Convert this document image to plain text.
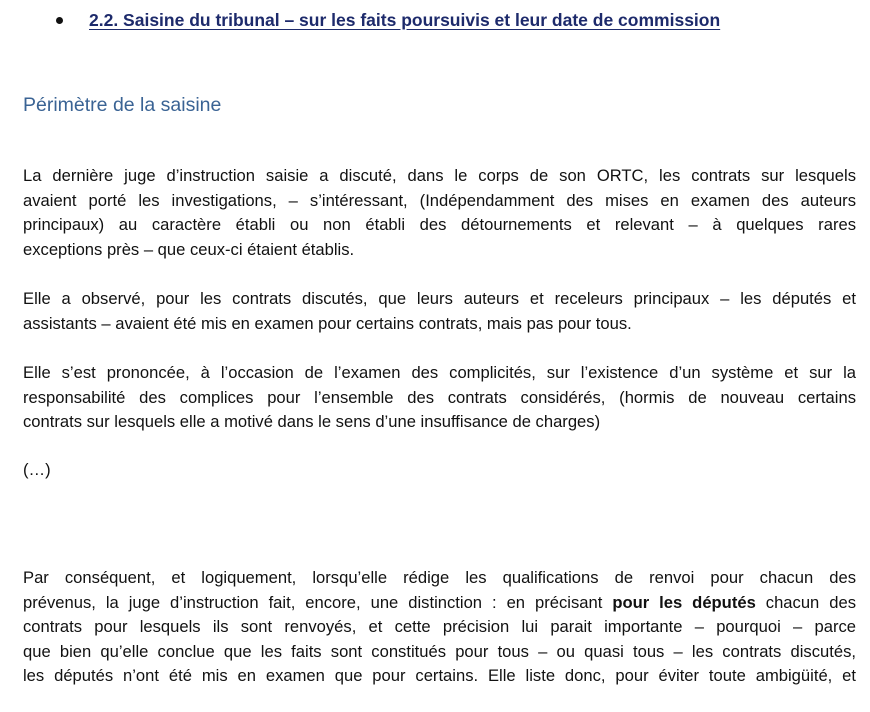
2.2. Saisine du tribunal – sur les faits poursuivis et leur date de commission
Périmètre de la saisine
La dernière juge d’instruction saisie a discuté, dans le corps de son ORTC, les contrats sur lesquels
avaient porté les investigations, – s’intéressant, (Indépendamment des mises en examen des auteurs
principaux) au caractère établi ou non établi des détournements et relevant – à quelques rares
exceptions près – que ceux-ci étaient établis.
Elle a observé, pour les contrats discutés, que leurs auteurs et receleurs principaux – les députés et
assistants – avaient été mis en examen pour certains contrats, mais pas pour tous.
Elle s’est prononcée, à l’occasion de l’examen des complicités, sur l’existence d’un système et sur la
responsabilité des complices pour l’ensemble des contrats considérés, (hormis de nouveau certains
contrats sur lesquels elle a motivé dans le sens d’une insuffisance de charges)
(…)
Par conséquent, et logiquement, lorsqu’elle rédige les qualifications de renvoi pour chacun des
prévenus, la juge d’instruction fait, encore, une distinction : en précisant pour les députés chacun des
contrats pour lesquels ils sont renvoyés, et cette précision lui parait importante – pourquoi – parce
que bien qu’elle conclue que les faits sont constitués pour tous – ou quasi tous – les contrats discutés,
les députés n’ont été mis en examen que pour certains. Elle liste donc, pour éviter toute ambigüité, et
